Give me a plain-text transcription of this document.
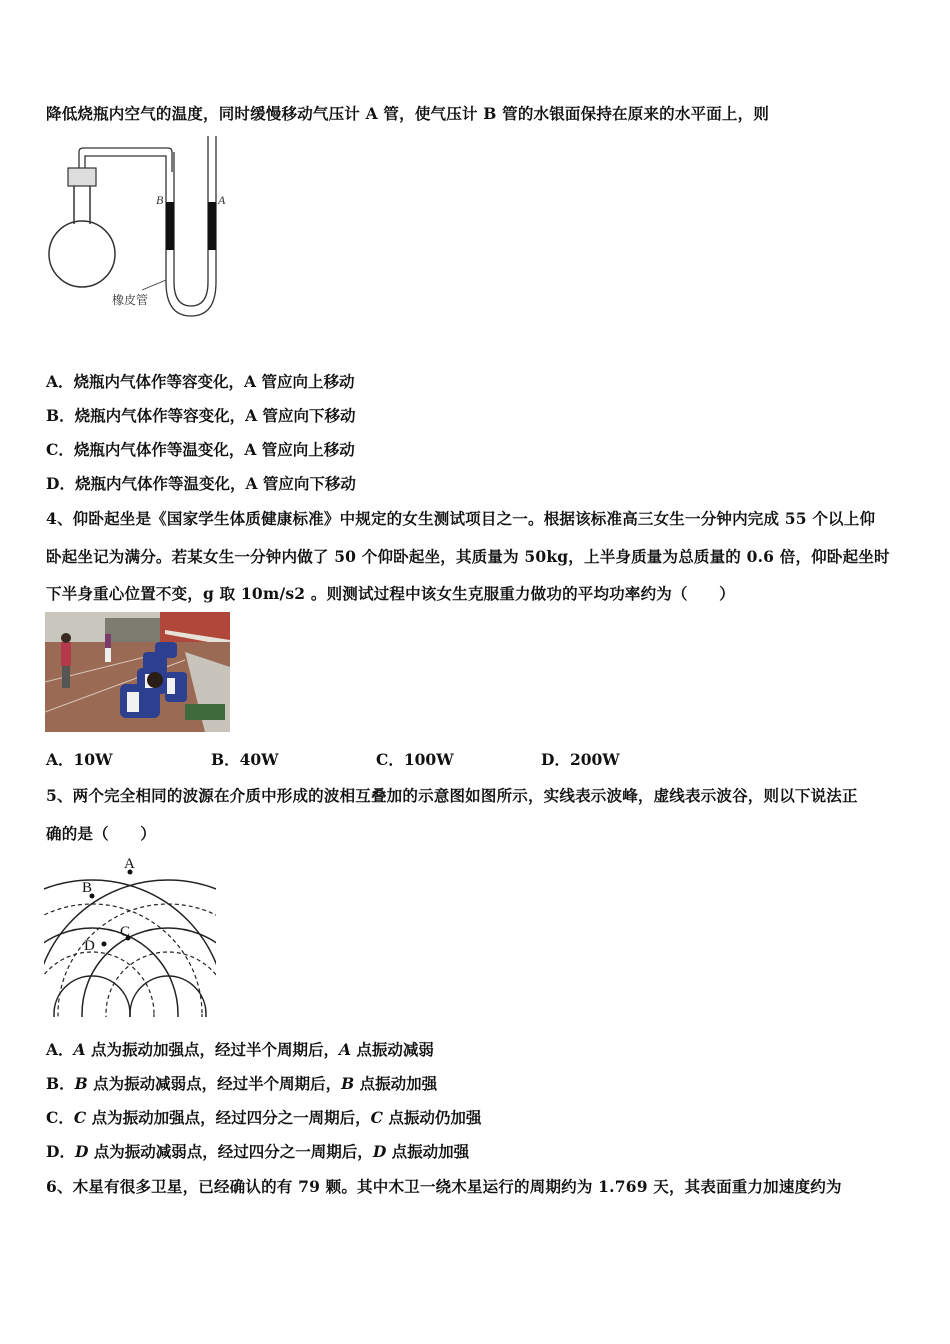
降低烧瓶内空气的温度，同时缓慢移动气压计 A 管，使气压计 B 管的水银面保持在原来的水平面上，则
B	A
橡皮管
A．烧瓶内气体作等容变化，A 管应向上移动
B．烧瓶内气体作等容变化，A 管应向下移动
C．烧瓶内气体作等温变化，A 管应向上移动
D．烧瓶内气体作等温变化，A 管应向下移动
4、仰卧起坐是《国家学生体质健康标准》中规定的女生测试项目之一。根据该标准高三女生一分钟内完成 55 个以上仰
卧起坐记为满分。若某女生一分钟内做了 50 个仰卧起坐，其质量为 50kg，上半身质量为总质量的 0.6 倍，仰卧起坐时
下半身重心位置不变，g 取 10m/s2 。则测试过程中该女生克服重力做功的平均功率约为（　　）
A．10W	B．40W	C．100W	D．200W
5、两个完全相同的波源在介质中形成的波相互叠加的示意图如图所示，实线表示波峰，虚线表示波谷，则以下说法正
确的是（　　）
A
B
C
D
A．A 点为振动加强点，经过半个周期后，A 点振动减弱
B．B 点为振动减弱点，经过半个周期后，B 点振动加强
C．C 点为振动加强点，经过四分之一周期后，C 点振动仍加强
D．D 点为振动减弱点，经过四分之一周期后，D 点振动加强
6、木星有很多卫星，已经确认的有 79 颗。其中木卫一绕木星运行的周期约为 1.769 天，其表面重力加速度约为
